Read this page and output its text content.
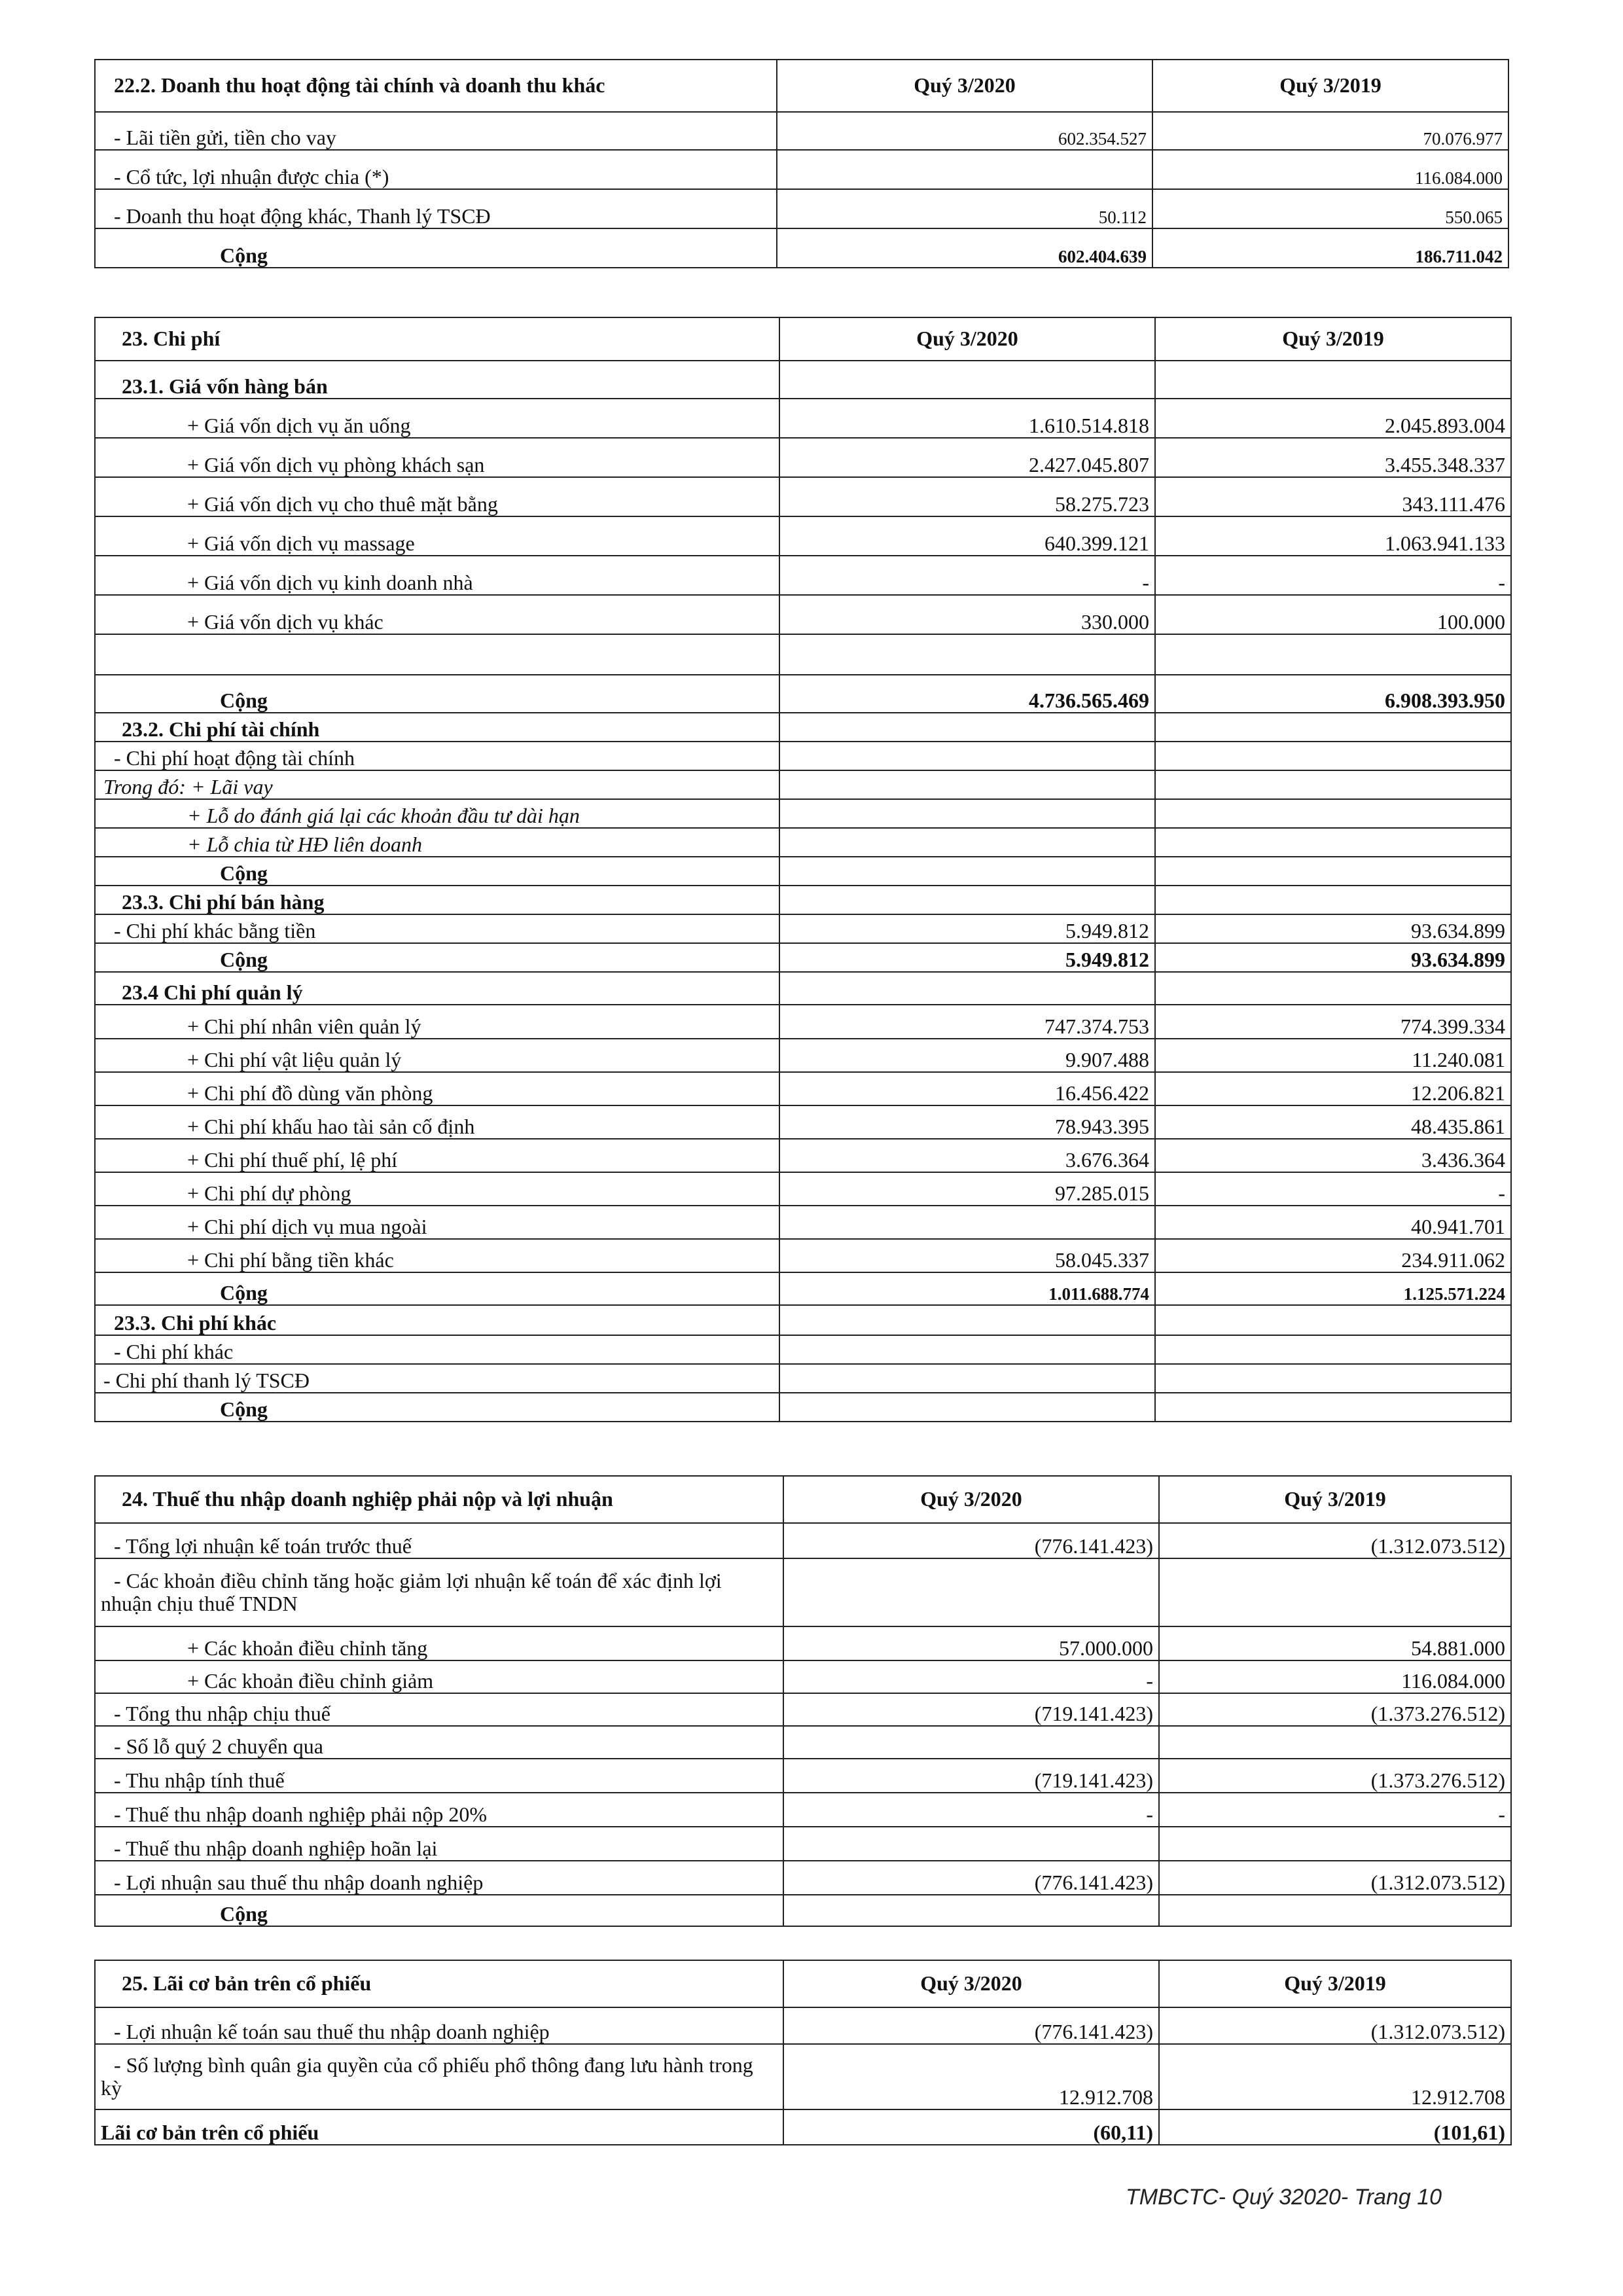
22.2. Doanh thu hoạt động tài chính và doanh thu khác	Quý 3/2020	Quý 3/2019
- Lãi tiền gửi, tiền cho vay	602.354.527	70.076.977
- Cổ tức, lợi nhuận được chia (*)		116.084.000
- Doanh thu hoạt động khác, Thanh lý TSCĐ	50.112	550.065
Cộng	602.404.639	186.711.042
23. Chi phí	Quý 3/2020	Quý 3/2019
23.1. Giá vốn hàng bán		
+ Giá vốn dịch vụ ăn uống	1.610.514.818	2.045.893.004
+ Giá vốn dịch vụ phòng khách sạn	2.427.045.807	3.455.348.337
+ Giá vốn dịch vụ cho thuê mặt bằng	58.275.723	343.111.476
+ Giá vốn dịch vụ massage	640.399.121	1.063.941.133
+ Giá vốn dịch vụ kinh doanh nhà	-	-
+ Giá vốn dịch vụ khác	330.000	100.000

Cộng	4.736.565.469	6.908.393.950
23.2. Chi phí tài chính		
- Chi phí hoạt động tài chính		
Trong đó: + Lãi vay		
+ Lỗ do đánh giá lại các khoản đầu tư dài hạn		
+ Lỗ chia từ HĐ liên doanh		
Cộng		
23.3. Chi phí bán hàng		
- Chi phí khác bằng tiền	5.949.812	93.634.899
Cộng	5.949.812	93.634.899
23.4 Chi phí quản lý		
+ Chi phí nhân viên quản lý	747.374.753	774.399.334
+ Chi phí vật liệu quản lý	9.907.488	11.240.081
+ Chi phí đồ dùng văn phòng	16.456.422	12.206.821
+ Chi phí khấu hao tài sản cố định	78.943.395	48.435.861
+ Chi phí thuế phí, lệ phí	3.676.364	3.436.364
+ Chi phí dự phòng	97.285.015	-
+ Chi phí dịch vụ mua ngoài		40.941.701
+ Chi phí bằng tiền khác	58.045.337	234.911.062
Cộng	1.011.688.774	1.125.571.224
23.3. Chi phí khác		
- Chi phí khác		
- Chi phí thanh lý TSCĐ		
Cộng		
24. Thuế thu nhập doanh nghiệp phải nộp và lợi nhuận	Quý 3/2020	Quý 3/2019
- Tổng lợi nhuận kế toán trước thuế	(776.141.423)	(1.312.073.512)
- Các khoản điều chỉnh tăng hoặc giảm lợi nhuận kế toán để xác định lợi nhuận chịu thuế TNDN		
+ Các khoản điều chỉnh tăng	57.000.000	54.881.000
+ Các khoản điều chỉnh giảm	-	116.084.000
- Tổng thu nhập chịu thuế	(719.141.423)	(1.373.276.512)
- Số lỗ quý 2 chuyển qua		
- Thu nhập tính thuế	(719.141.423)	(1.373.276.512)
- Thuế thu nhập doanh nghiệp phải nộp 20%	-	-
- Thuế thu nhập doanh nghiệp hoãn lại		
- Lợi nhuận sau thuế thu nhập doanh nghiệp	(776.141.423)	(1.312.073.512)
Cộng		
25. Lãi cơ bản trên cổ phiếu	Quý 3/2020	Quý 3/2019
- Lợi nhuận kế toán sau thuế thu nhập doanh nghiệp	(776.141.423)	(1.312.073.512)
- Số lượng bình quân gia quyền của cổ phiếu phổ thông đang lưu hành trong kỳ	12.912.708	12.912.708
Lãi cơ bản trên cổ phiếu	(60,11)	(101,61)
TMBCTC- Quý 32020- Trang 10
